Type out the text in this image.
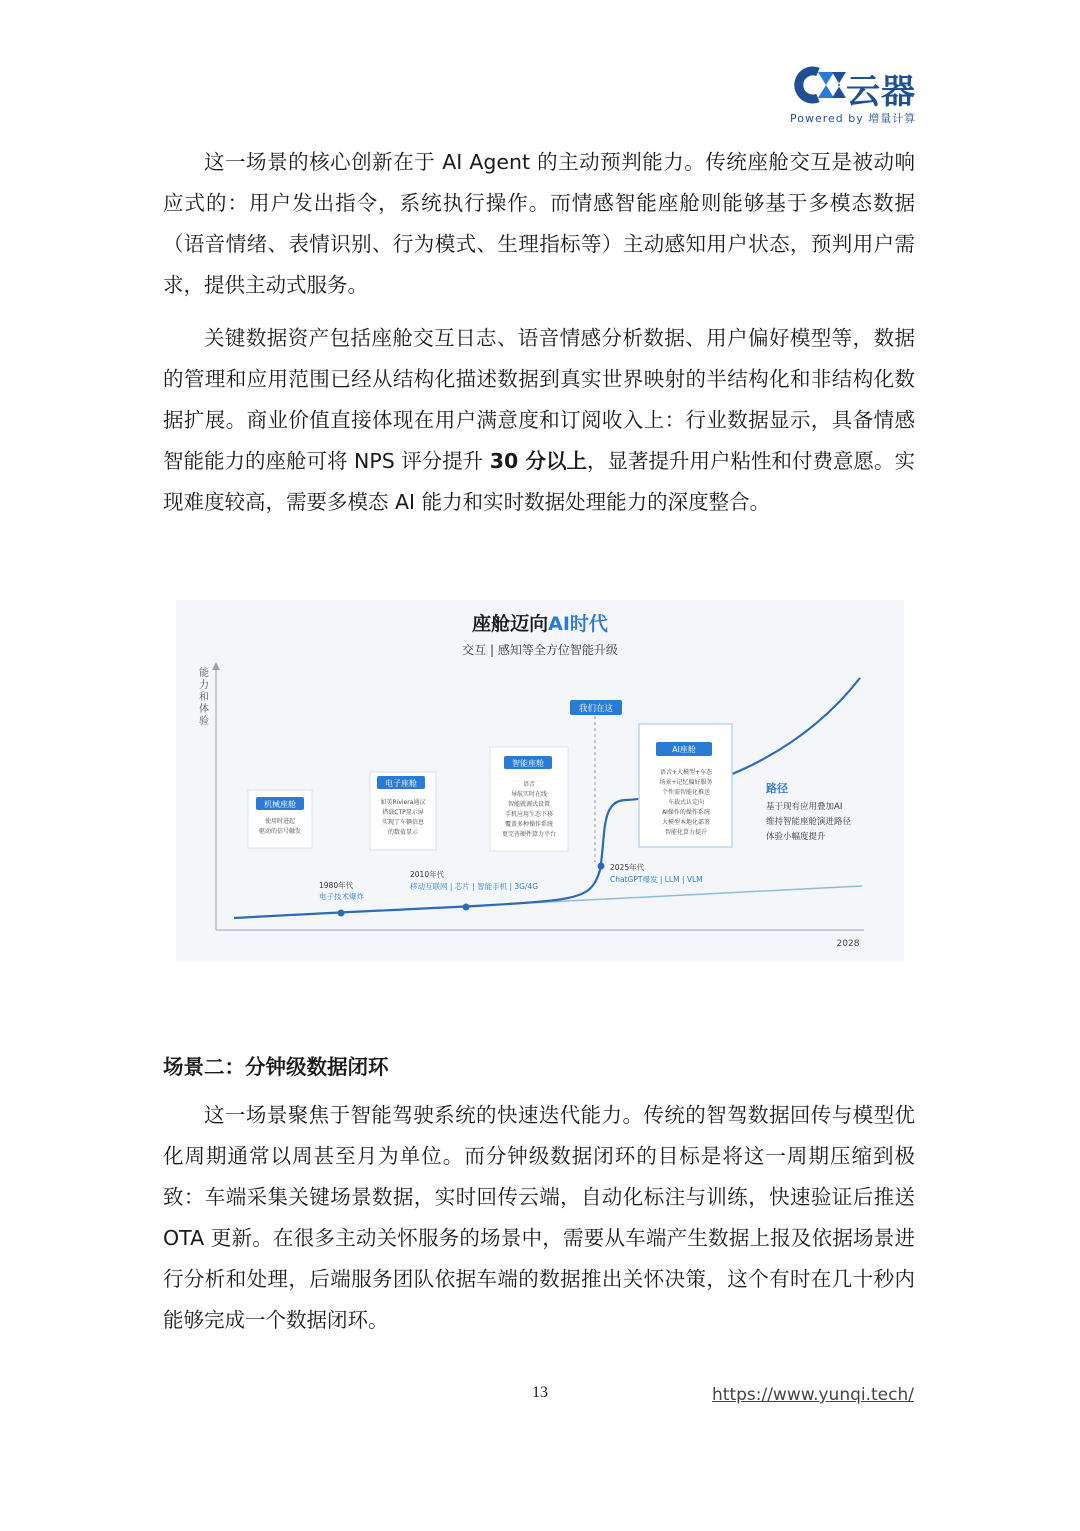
云器
Powered by 增量计算

这一场景的核心创新在于 AI Agent 的主动预判能力。传统座舱交互是被动响应式的：用户发出指令，系统执行操作。而情感智能座舱则能够基于多模态数据（语音情绪、表情识别、行为模式、生理指标等）主动感知用户状态，预判用户需求，提供主动式服务。

关键数据资产包括座舱交互日志、语音情感分析数据、用户偏好模型等，数据的管理和应用范围已经从结构化描述数据到真实世界映射的半结构化和非结构化数据扩展。商业价值直接体现在用户满意度和订阅收入上：行业数据显示，具备情感智能能力的座舱可将 NPS 评分提升 30 分以上，显著提升用户粘性和付费意愿。实现难度较高，需要多模态 AI 能力和实时数据处理能力的深度整合。

座舱迈向AI时代
交互 | 感知等全方位智能升级
能
力
和
体
验
2028
我们在这
机械座舱
使用时进起
驱动的信号触发
电子座舱
如英Riviera通汉
搭载CTP显示屏
实现了车辆信息
的数值显示
智能座舱
语音
导航实时在线
智能就调式设置
手机应用生态下移
覆盖多种操作系统
更完善硬件算力平台
AI座舱
语音+大模型+车态
场景+记忆偏好服务
个性需智能化推送
车载式认定向
AI操作的操作系统
大模型本地化部署
智能化算力提升
1980年代
电子技术爆炸
2010年代
移动互联网 | 芯片 | 智能手机 | 3G/4G
2025年代
ChatGPT爆发 | LLM | VLM
路径
基于现有应用叠加AI
维持智能座舱演进路径
体验小幅度提升
场景二：分钟级数据闭环

这一场景聚焦于智能驾驶系统的快速迭代能力。传统的智驾数据回传与模型优化周期通常以周甚至月为单位。而分钟级数据闭环的目标是将这一周期压缩到极致：车端采集关键场景数据，实时回传云端，自动化标注与训练，快速验证后推送 OTA 更新。在很多主动关怀服务的场景中，需要从车端产生数据上报及依据场景进行分析和处理，后端服务团队依据车端的数据推出关怀决策，这个有时在几十秒内能够完成一个数据闭环。

13	https://www.yunqi.tech/
